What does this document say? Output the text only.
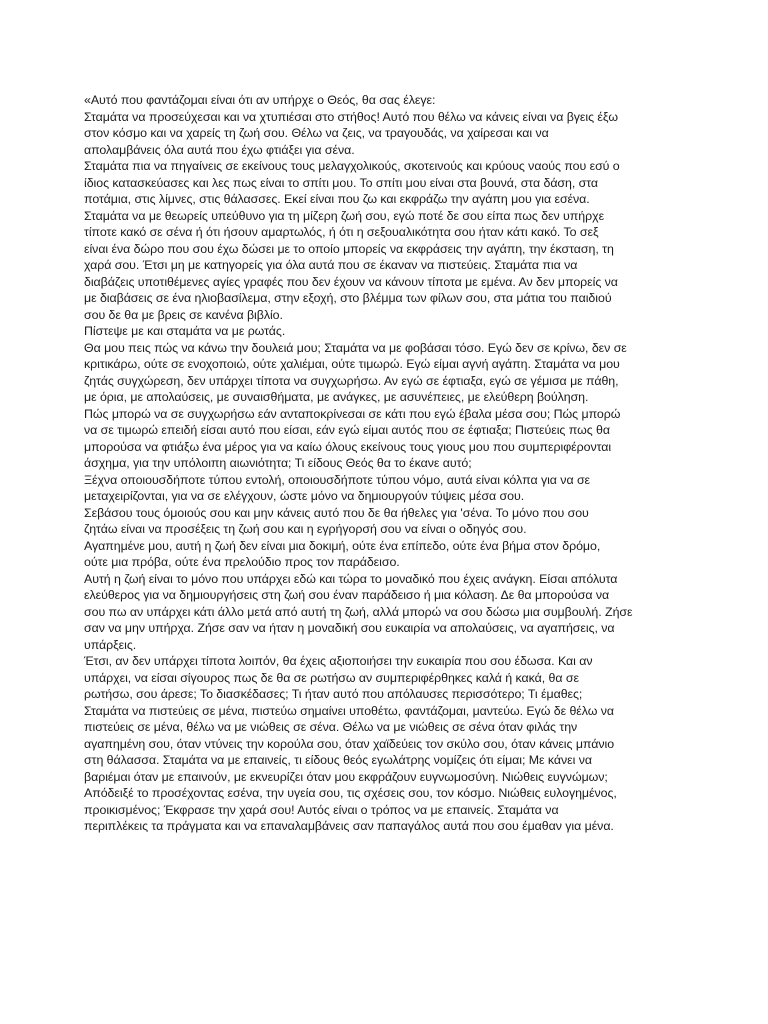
«Αυτό που φαντάζομαι είναι ότι αν υπήρχε ο Θεός, θα σας έλεγε:
Σταμάτα να προσεύχεσαι και να χτυπιέσαι στο στήθος! Αυτό που θέλω να κάνεις είναι να βγεις έξω
στον κόσμο και να χαρείς τη ζωή σου. Θέλω να ζεις, να τραγουδάς, να χαίρεσαι και να
απολαμβάνεις όλα αυτά που έχω φτιάξει για σένα.
Σταμάτα πια να πηγαίνεις σε εκείνους τους μελαγχολικούς, σκοτεινούς και κρύους ναούς που εσύ ο
ίδιος κατασκεύασες και λες πως είναι το σπίτι μου. Το σπίτι μου είναι στα βουνά, στα δάση, στα
ποτάμια, στις λίμνες, στις θάλασσες. Εκεί είναι που ζω και εκφράζω την αγάπη μου για εσένα.
Σταμάτα να με θεωρείς υπεύθυνο για τη μίζερη ζωή σου, εγώ ποτέ δε σου είπα πως δεν υπήρχε
τίποτε κακό σε σένα ή ότι ήσουν αμαρτωλός, ή ότι η σεξουαλικότητα σου ήταν κάτι κακό. Το σεξ
είναι ένα δώρο που σου έχω δώσει με το οποίο μπορείς να εκφράσεις την αγάπη, την έκσταση, τη
χαρά σου. Έτσι μη με κατηγορείς για όλα αυτά που σε έκαναν να πιστεύεις. Σταμάτα πια να
διαβάζεις υποτιθέμενες αγίες γραφές που δεν έχουν να κάνουν τίποτα με εμένα. Αν δεν μπορείς να
με διαβάσεις σε ένα ηλιοβασίλεμα, στην εξοχή, στο βλέμμα των φίλων σου, στα μάτια του παιδιού
σου δε θα με βρεις σε κανένα βιβλίο.
Πίστεψε με και σταμάτα να με ρωτάς.
Θα μου πεις πώς να κάνω την δουλειά μου; Σταμάτα να με φοβάσαι τόσο. Εγώ δεν σε κρίνω, δεν σε
κριτικάρω, ούτε σε ενοχοποιώ, ούτε χαλιέμαι, ούτε τιμωρώ. Εγώ είμαι αγνή αγάπη. Σταμάτα να μου
ζητάς συγχώρεση, δεν υπάρχει τίποτα να συγχωρήσω. Αν εγώ σε έφτιαξα, εγώ σε γέμισα με πάθη,
με όρια, με απολαύσεις, με συναισθήματα, με ανάγκες, με ασυνέπειες, με ελεύθερη βούληση.
Πώς μπορώ να σε συγχωρήσω εάν ανταποκρίνεσαι σε κάτι που εγώ έβαλα μέσα σου; Πώς μπορώ
να σε τιμωρώ επειδή είσαι αυτό που είσαι, εάν εγώ είμαι αυτός που σε έφτιαξα; Πιστεύεις πως θα
μπορούσα να φτιάξω ένα μέρος για να καίω όλους εκείνους τους γιους μου που συμπεριφέρονται
άσχημα, για την υπόλοιπη αιωνιότητα; Τι είδους Θεός θα το έκανε αυτό;
Ξέχνα οποιουσδήποτε τύπου εντολή, οποιουσδήποτε τύπου νόμο, αυτά είναι κόλπα για να σε
μεταχειρίζονται, για να σε ελέγχουν, ώστε μόνο να δημιουργούν τύψεις μέσα σου.
Σεβάσου τους όμοιούς σου και μην κάνεις αυτό που δε θα ήθελες για 'σένα. Το μόνο που σου
ζητάω είναι να προσέξεις τη ζωή σου και η εγρήγορσή σου να είναι ο οδηγός σου.
Αγαπημένε μου, αυτή η ζωή δεν είναι μια δοκιμή, ούτε ένα επίπεδο, ούτε ένα βήμα στον δρόμο,
ούτε μια πρόβα, ούτε ένα πρελούδιο προς τον παράδεισο.
Αυτή η ζωή είναι το μόνο που υπάρχει εδώ και τώρα το μοναδικό που έχεις ανάγκη. Είσαι απόλυτα
ελεύθερος για να δημιουργήσεις στη ζωή σου έναν παράδεισο ή μια κόλαση. Δε θα μπορούσα να
σου πω αν υπάρχει κάτι άλλο μετά από αυτή τη ζωή, αλλά μπορώ να σου δώσω μια συμβουλή. Ζήσε
σαν να μην υπήρχα. Ζήσε σαν να ήταν η μοναδική σου ευκαιρία να απολαύσεις, να αγαπήσεις, να
υπάρξεις.
Έτσι, αν δεν υπάρχει τίποτα λοιπόν, θα έχεις αξιοποιήσει την ευκαιρία που σου έδωσα. Και αν
υπάρχει, να είσαι σίγουρος πως δε θα σε ρωτήσω αν συμπεριφέρθηκες καλά ή κακά, θα σε
ρωτήσω, σου άρεσε; Το διασκέδασες; Τι ήταν αυτό που απόλαυσες περισσότερο; Τι έμαθες;
Σταμάτα να πιστεύεις σε μένα, πιστεύω σημαίνει υποθέτω, φαντάζομαι, μαντεύω. Εγώ δε θέλω να
πιστεύεις σε μένα, θέλω να με νιώθεις σε σένα. Θέλω να με νιώθεις σε σένα όταν φιλάς την
αγαπημένη σου, όταν ντύνεις την κορούλα σου, όταν χαϊδεύεις τον σκύλο σου, όταν κάνεις μπάνιο
στη θάλασσα. Σταμάτα να με επαινείς, τι είδους θεός εγωλάτρης νομίζεις ότι είμαι; Με κάνει να
βαριέμαι όταν με επαινούν, με εκνευρίζει όταν μου εκφράζουν ευγνωμοσύνη. Νιώθεις ευγνώμων;
Απόδειξέ το προσέχοντας εσένα, την υγεία σου, τις σχέσεις σου, τον κόσμο. Νιώθεις ευλογημένος,
προικισμένος; Έκφρασε την χαρά σου! Αυτός είναι ο τρόπος να με επαινείς. Σταμάτα να
περιπλέκεις τα πράγματα και να επαναλαμβάνεις σαν παπαγάλος αυτά που σου έμαθαν για μένα.
